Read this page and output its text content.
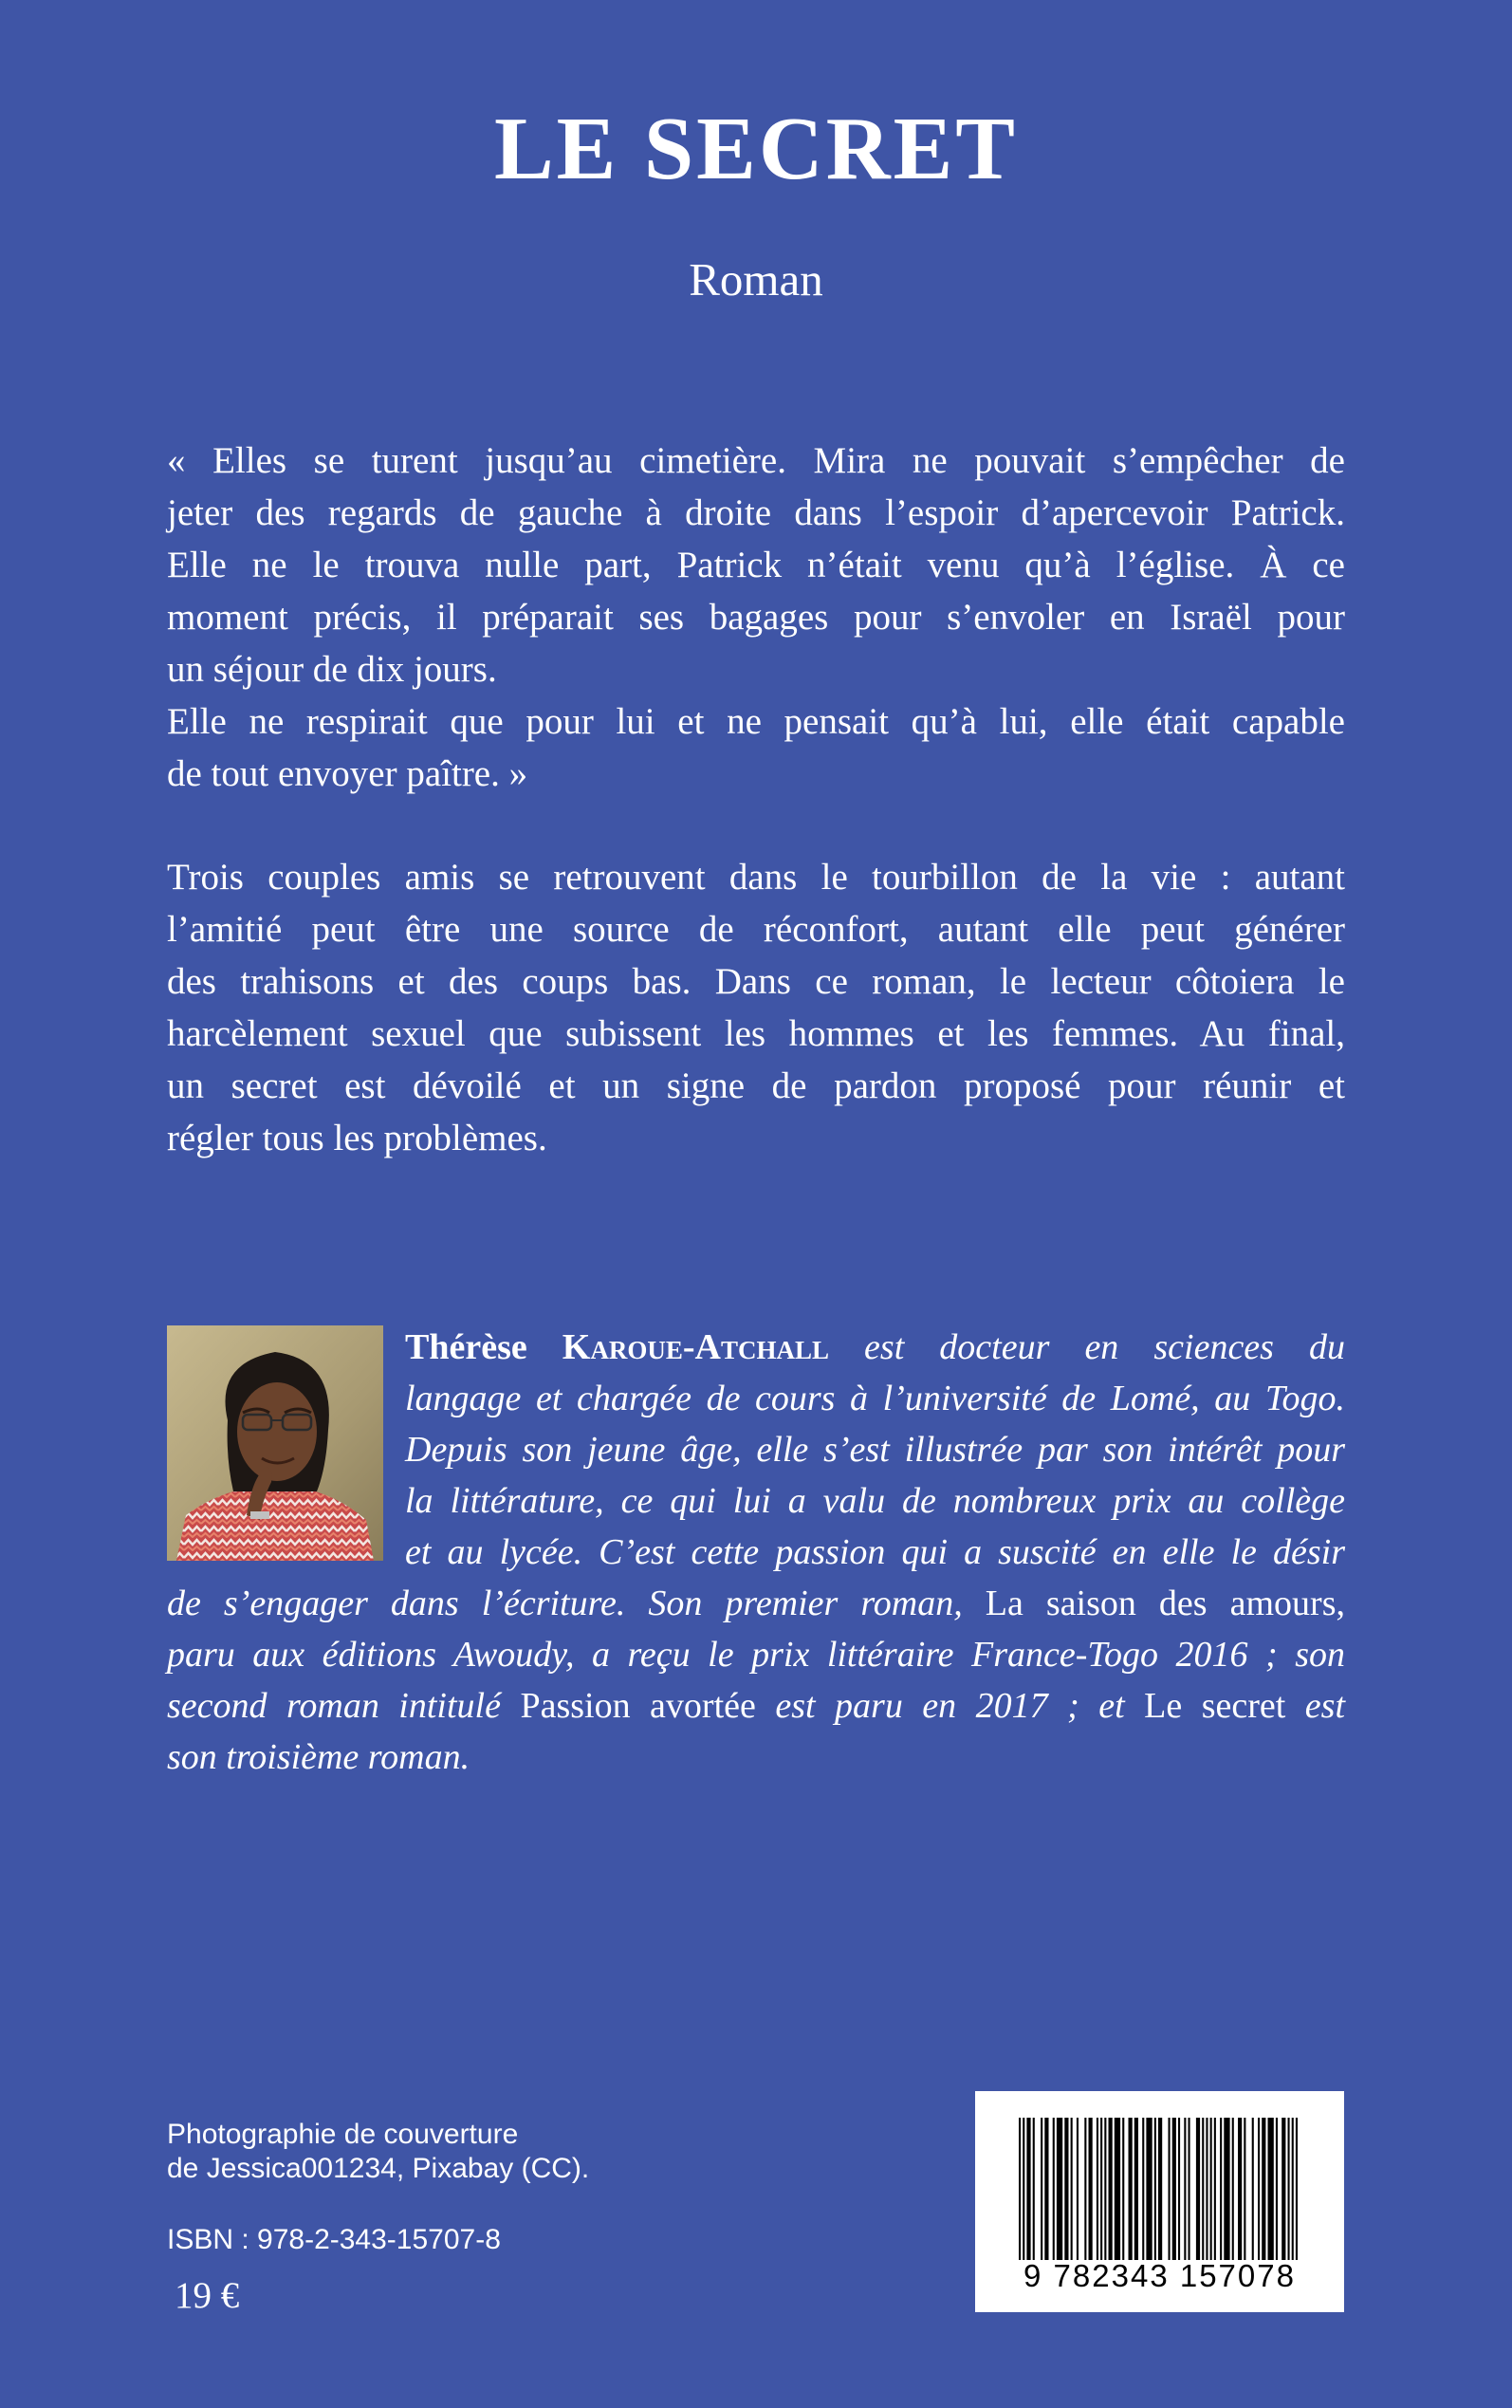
LE SECRET
Roman
« Elles se turent jusqu’au cimetière. Mira ne pouvait s’empêcher de
jeter des regards de gauche à droite dans l’espoir d’apercevoir Patrick.
Elle ne le trouva nulle part, Patrick n’était venu qu’à l’église. À ce
moment précis, il préparait ses bagages pour s’envoler en Israël pour
un séjour de dix jours.
Elle ne respirait que pour lui et ne pensait qu’à lui, elle était capable
de tout envoyer paître. »
Trois couples amis se retrouvent dans le tourbillon de la vie : autant
l’amitié peut être une source de réconfort, autant elle peut générer
des trahisons et des coups bas. Dans ce roman, le lecteur côtoiera le
harcèlement sexuel que subissent les hommes et les femmes. Au final,
un secret est dévoilé et un signe de pardon proposé pour réunir et
régler tous les problèmes.
Thérèse Karoue-Atchall est docteur en sciences du
langage et chargée de cours à l’université de Lomé, au Togo.
Depuis son jeune âge, elle s’est illustrée par son intérêt pour
la littérature, ce qui lui a valu de nombreux prix au collège
et au lycée. C’est cette passion qui a suscité en elle le désir
de s’engager dans l’écriture. Son premier roman, La saison des amours,
paru aux éditions Awoudy, a reçu le prix littéraire France-Togo 2016 ; son
second roman intitulé Passion avortée est paru en 2017 ; et Le secret est
son troisième roman.
Photographie de couverture
de Jessica001234, Pixabay (CC).
ISBN : 978-2-343-15707-8
19 €	9 782343 157078
